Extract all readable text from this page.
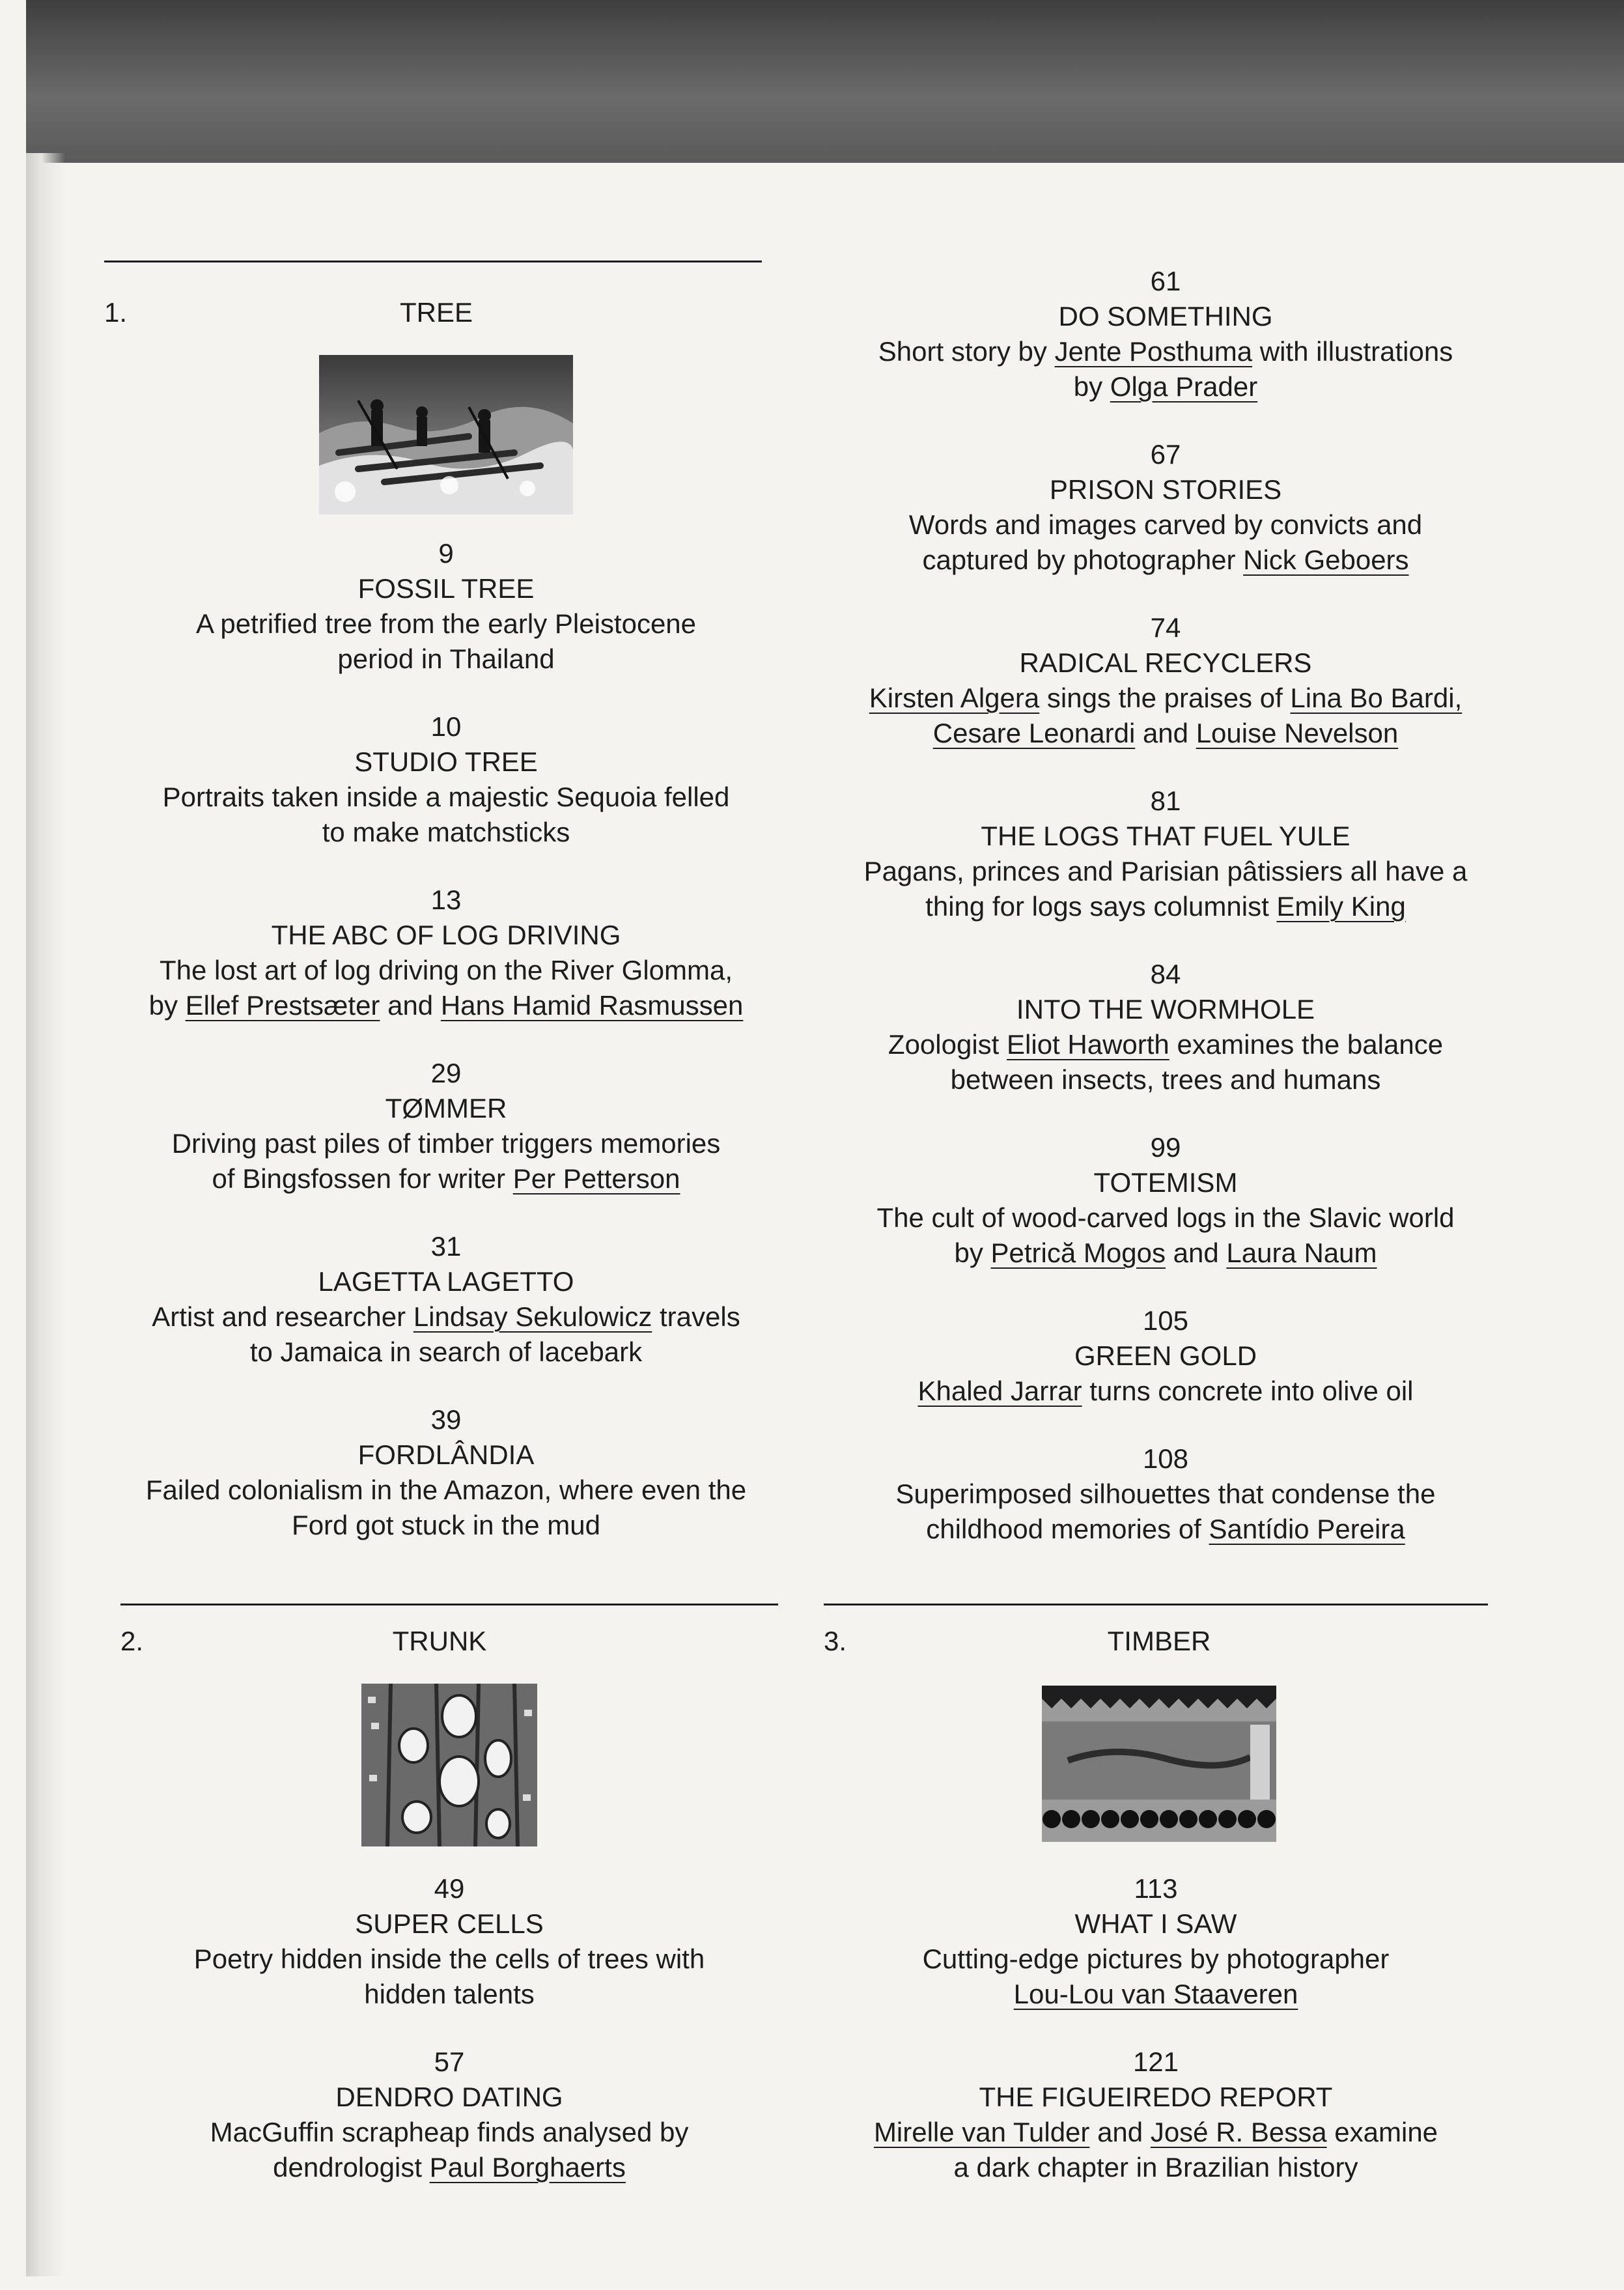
1.	TREE
9
FOSSIL TREE
A petrified tree from the early Pleistocene
period in Thailand
10
STUDIO TREE
Portraits taken inside a majestic Sequoia felled
to make matchsticks
13
THE ABC OF LOG DRIVING
The lost art of log driving on the River Glomma,
by Ellef Prestsæter and Hans Hamid Rasmussen
29
TØMMER
Driving past piles of timber triggers memories
of Bingsfossen for writer Per Petterson
31
LAGETTA LAGETTO
Artist and researcher Lindsay Sekulowicz travels
to Jamaica in search of lacebark
39
FORDLÂNDIA
Failed colonialism in the Amazon, where even the
Ford got stuck in the mud
61
DO SOMETHING
Short story by Jente Posthuma with illustrations
by Olga Prader
67
PRISON STORIES
Words and images carved by convicts and
captured by photographer Nick Geboers
74
RADICAL RECYCLERS
Kirsten Algera sings the praises of Lina Bo Bardi,
Cesare Leonardi and Louise Nevelson
81
THE LOGS THAT FUEL YULE
Pagans, princes and Parisian pâtissiers all have a
thing for logs says columnist Emily King
84
INTO THE WORMHOLE
Zoologist Eliot Haworth examines the balance
between insects, trees and humans
99
TOTEMISM
The cult of wood-carved logs in the Slavic world
by Petrică Mogos and Laura Naum
105
GREEN GOLD
Khaled Jarrar turns concrete into olive oil
108
Superimposed silhouettes that condense the
childhood memories of Santídio Pereira
2.	TRUNK
49
SUPER CELLS
Poetry hidden inside the cells of trees with
hidden talents
57
DENDRO DATING
MacGuffin scrapheap finds analysed by
dendrologist Paul Borghaerts
3.	TIMBER
113
WHAT I SAW
Cutting-edge pictures by photographer
Lou-Lou van Staaveren
121
THE FIGUEIREDO REPORT
Mirelle van Tulder and José R. Bessa examine
a dark chapter in Brazilian history
